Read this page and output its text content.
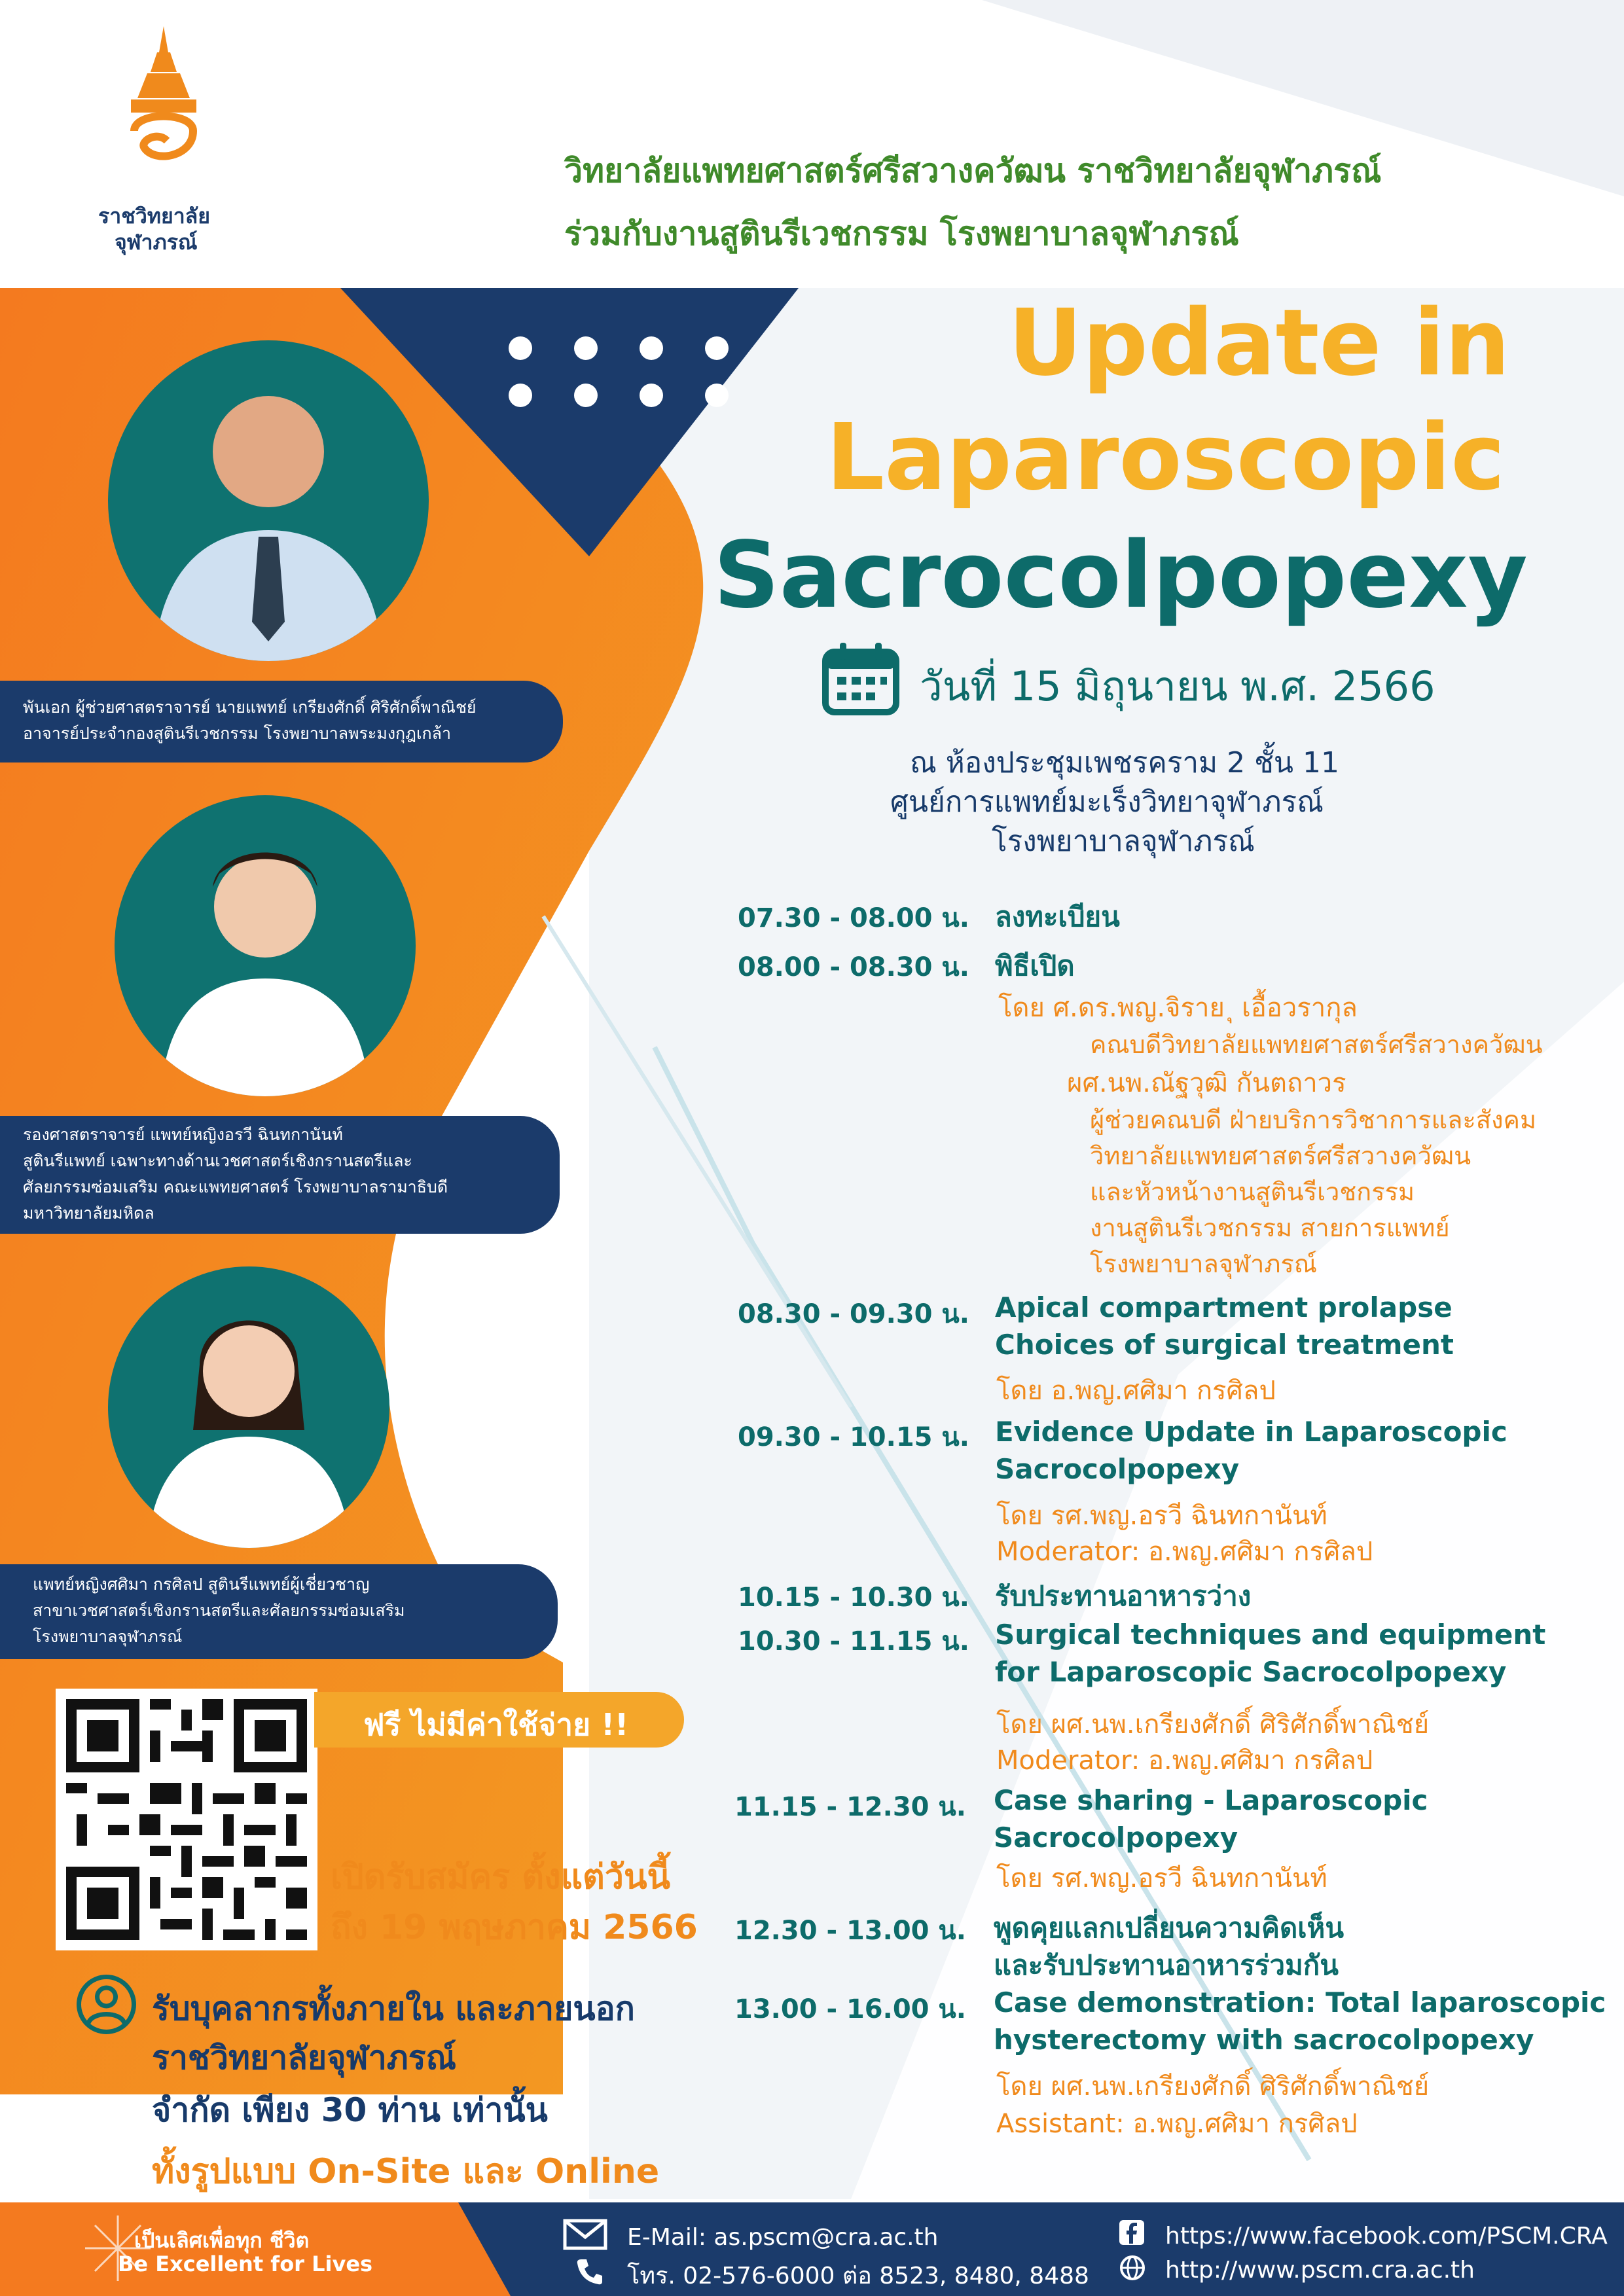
ราชวิทยาลัย
จุฬาภรณ์
วิทยาลัยแพทยศาสตร์ศรีสวางควัฒน ราชวิทยาลัยจุฬาภรณ์
ร่วมกับงานสูตินรีเวชกรรม โรงพยาบาลจุฬาภรณ์
Update in
Laparoscopic
Sacrocolpopexy
วันที่ 15 มิถุนายน พ.ศ. 2566
ณ ห้องประชุมเพชรคราม 2 ชั้น 11
ศูนย์การแพทย์มะเร็งวิทยาจุฬาภรณ์
โรงพยาบาลจุฬาภรณ์
พันเอก ผู้ช่วยศาสตราจารย์ นายแพทย์ เกรียงศักดิ์ ศิริศักดิ์พาณิชย์
อาจารย์ประจำกองสูตินรีเวชกรรม โรงพยาบาลพระมงกุฎเกล้า
รองศาสตราจารย์ แพทย์หญิงอรวี ฉินทกานันท์
สูตินรีแพทย์ เฉพาะทางด้านเวชศาสตร์เชิงกรานสตรีและ
ศัลยกรรมซ่อมเสริม คณะแพทยศาสตร์ โรงพยาบาลรามาธิบดี
มหาวิทยาลัยมหิดล
แพทย์หญิงศศิมา กรศิลป สูตินรีแพทย์ผู้เชี่ยวชาญ
สาขาเวชศาสตร์เชิงกรานสตรีและศัลยกรรมซ่อมเสริม
โรงพยาบาลจุฬาภรณ์
07.30 - 08.00 น. ลงทะเบียน
08.00 - 08.30 น. พิธีเปิด
โดย ศ.ดร.พญ.จิราย ุ เอื้อวรากุล
คณบดีวิทยาลัยแพทยศาสตร์ศรีสวางควัฒน
ผศ.นพ.ณัฐวุฒิ กันตถาวร
ผู้ช่วยคณบดี ฝ่ายบริการวิชาการและสังคม
วิทยาลัยแพทยศาสตร์ศรีสวางควัฒน
และหัวหน้างานสูตินรีเวชกรรม
งานสูตินรีเวชกรรม สายการแพทย์
โรงพยาบาลจุฬาภรณ์
08.30 - 09.30 น. Apical compartment prolapse
Choices of surgical treatment
โดย อ.พญ.ศศิมา กรศิลป
09.30 - 10.15 น. Evidence Update in Laparoscopic
Sacrocolpopexy
โดย รศ.พญ.อรวี ฉินทกานันท์
Moderator: อ.พญ.ศศิมา กรศิลป
10.15 - 10.30 น. รับประทานอาหารว่าง
10.30 - 11.15 น. Surgical techniques and equipment
for Laparoscopic Sacrocolpopexy
โดย ผศ.นพ.เกรียงศักดิ์ ศิริศักดิ์พาณิชย์
Moderator: อ.พญ.ศศิมา กรศิลป
11.15 - 12.30 น. Case sharing - Laparoscopic
Sacrocolpopexy
โดย รศ.พญ.อรวี ฉินทกานันท์
12.30 - 13.00 น. พูดคุยแลกเปลี่ยนความคิดเห็น
และรับประทานอาหารร่วมกัน
13.00 - 16.00 น. Case demonstration: Total laparoscopic
hysterectomy with sacrocolpopexy
โดย ผศ.นพ.เกรียงศักดิ์ ศิริศักดิ์พาณิชย์
Assistant: อ.พญ.ศศิมา กรศิลป
ฟรี ไม่มีค่าใช้จ่าย !!
เปิดรับสมัคร ตั้งแต่วันนี้
ถึง 19 พฤษภาคม 2566
รับบุคลากรทั้งภายใน และภายนอก
ราชวิทยาลัยจุฬาภรณ์
จำกัด เพียง 30 ท่าน เท่านั้น
ทั้งรูปแบบ On-Site และ Online
เป็นเลิศเพื่อทุก ชีวิต
Be Excellent for Lives
E-Mail: as.pscm@cra.ac.th
โทร. 02-576-6000 ต่อ 8523, 8480, 8488
https://www.facebook.com/PSCM.CRA
http://www.pscm.cra.ac.th
